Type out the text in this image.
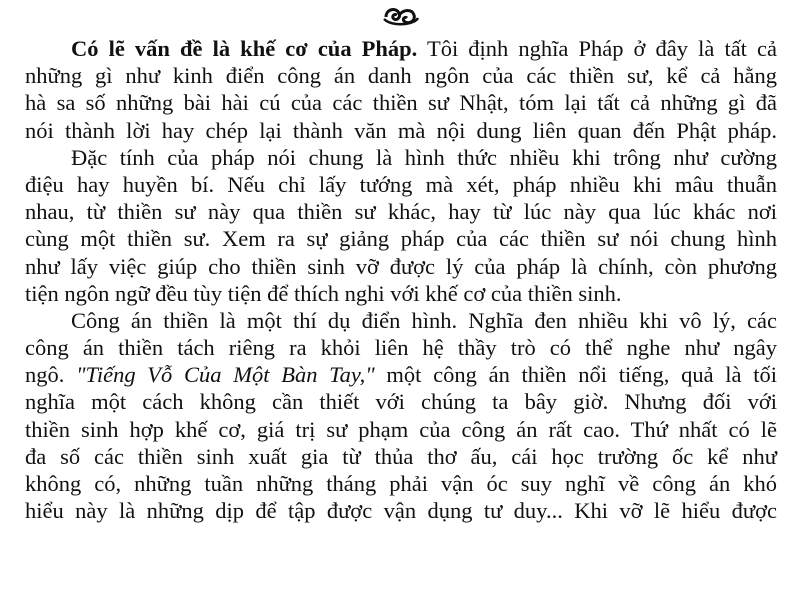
Có lẽ vấn đề là khế cơ của Pháp. Tôi định nghĩa Pháp ở đây là tất cả
những gì như kinh điển công án danh ngôn của các thiền sư, kể cả hằng
hà sa số những bài hài cú của các thiền sư Nhật, tóm lại tất cả những gì đã
nói thành lời hay chép lại thành văn mà nội dung liên quan đến Phật pháp.
Đặc tính của pháp nói chung là hình thức nhiều khi trông như cường
điệu hay huyền bí. Nếu chỉ lấy tướng mà xét, pháp nhiều khi mâu thuẫn
nhau, từ thiền sư này qua thiền sư khác, hay từ lúc này qua lúc khác nơi
cùng một thiền sư. Xem ra sự giảng pháp của các thiền sư nói chung hình
như lấy việc giúp cho thiền sinh vỡ được lý của pháp là chính, còn phương
tiện ngôn ngữ đều tùy tiện để thích nghi với khế cơ của thiền sinh.
Công án thiền là một thí dụ điển hình. Nghĩa đen nhiều khi vô lý, các
công án thiền tách riêng ra khỏi liên hệ thầy trò có thể nghe như ngây
ngô. "Tiếng Vỗ Của Một Bàn Tay," một công án thiền nổi tiếng, quả là tối
nghĩa một cách không cần thiết với chúng ta bây giờ. Nhưng đối với
thiền sinh hợp khế cơ, giá trị sư phạm của công án rất cao. Thứ nhất có lẽ
đa số các thiền sinh xuất gia từ thủa thơ ấu, cái học trường ốc kể như
không có, những tuần những tháng phải vận óc suy nghĩ về công án khó
hiểu này là những dịp để tập được vận dụng tư duy... Khi vỡ lẽ hiểu được
